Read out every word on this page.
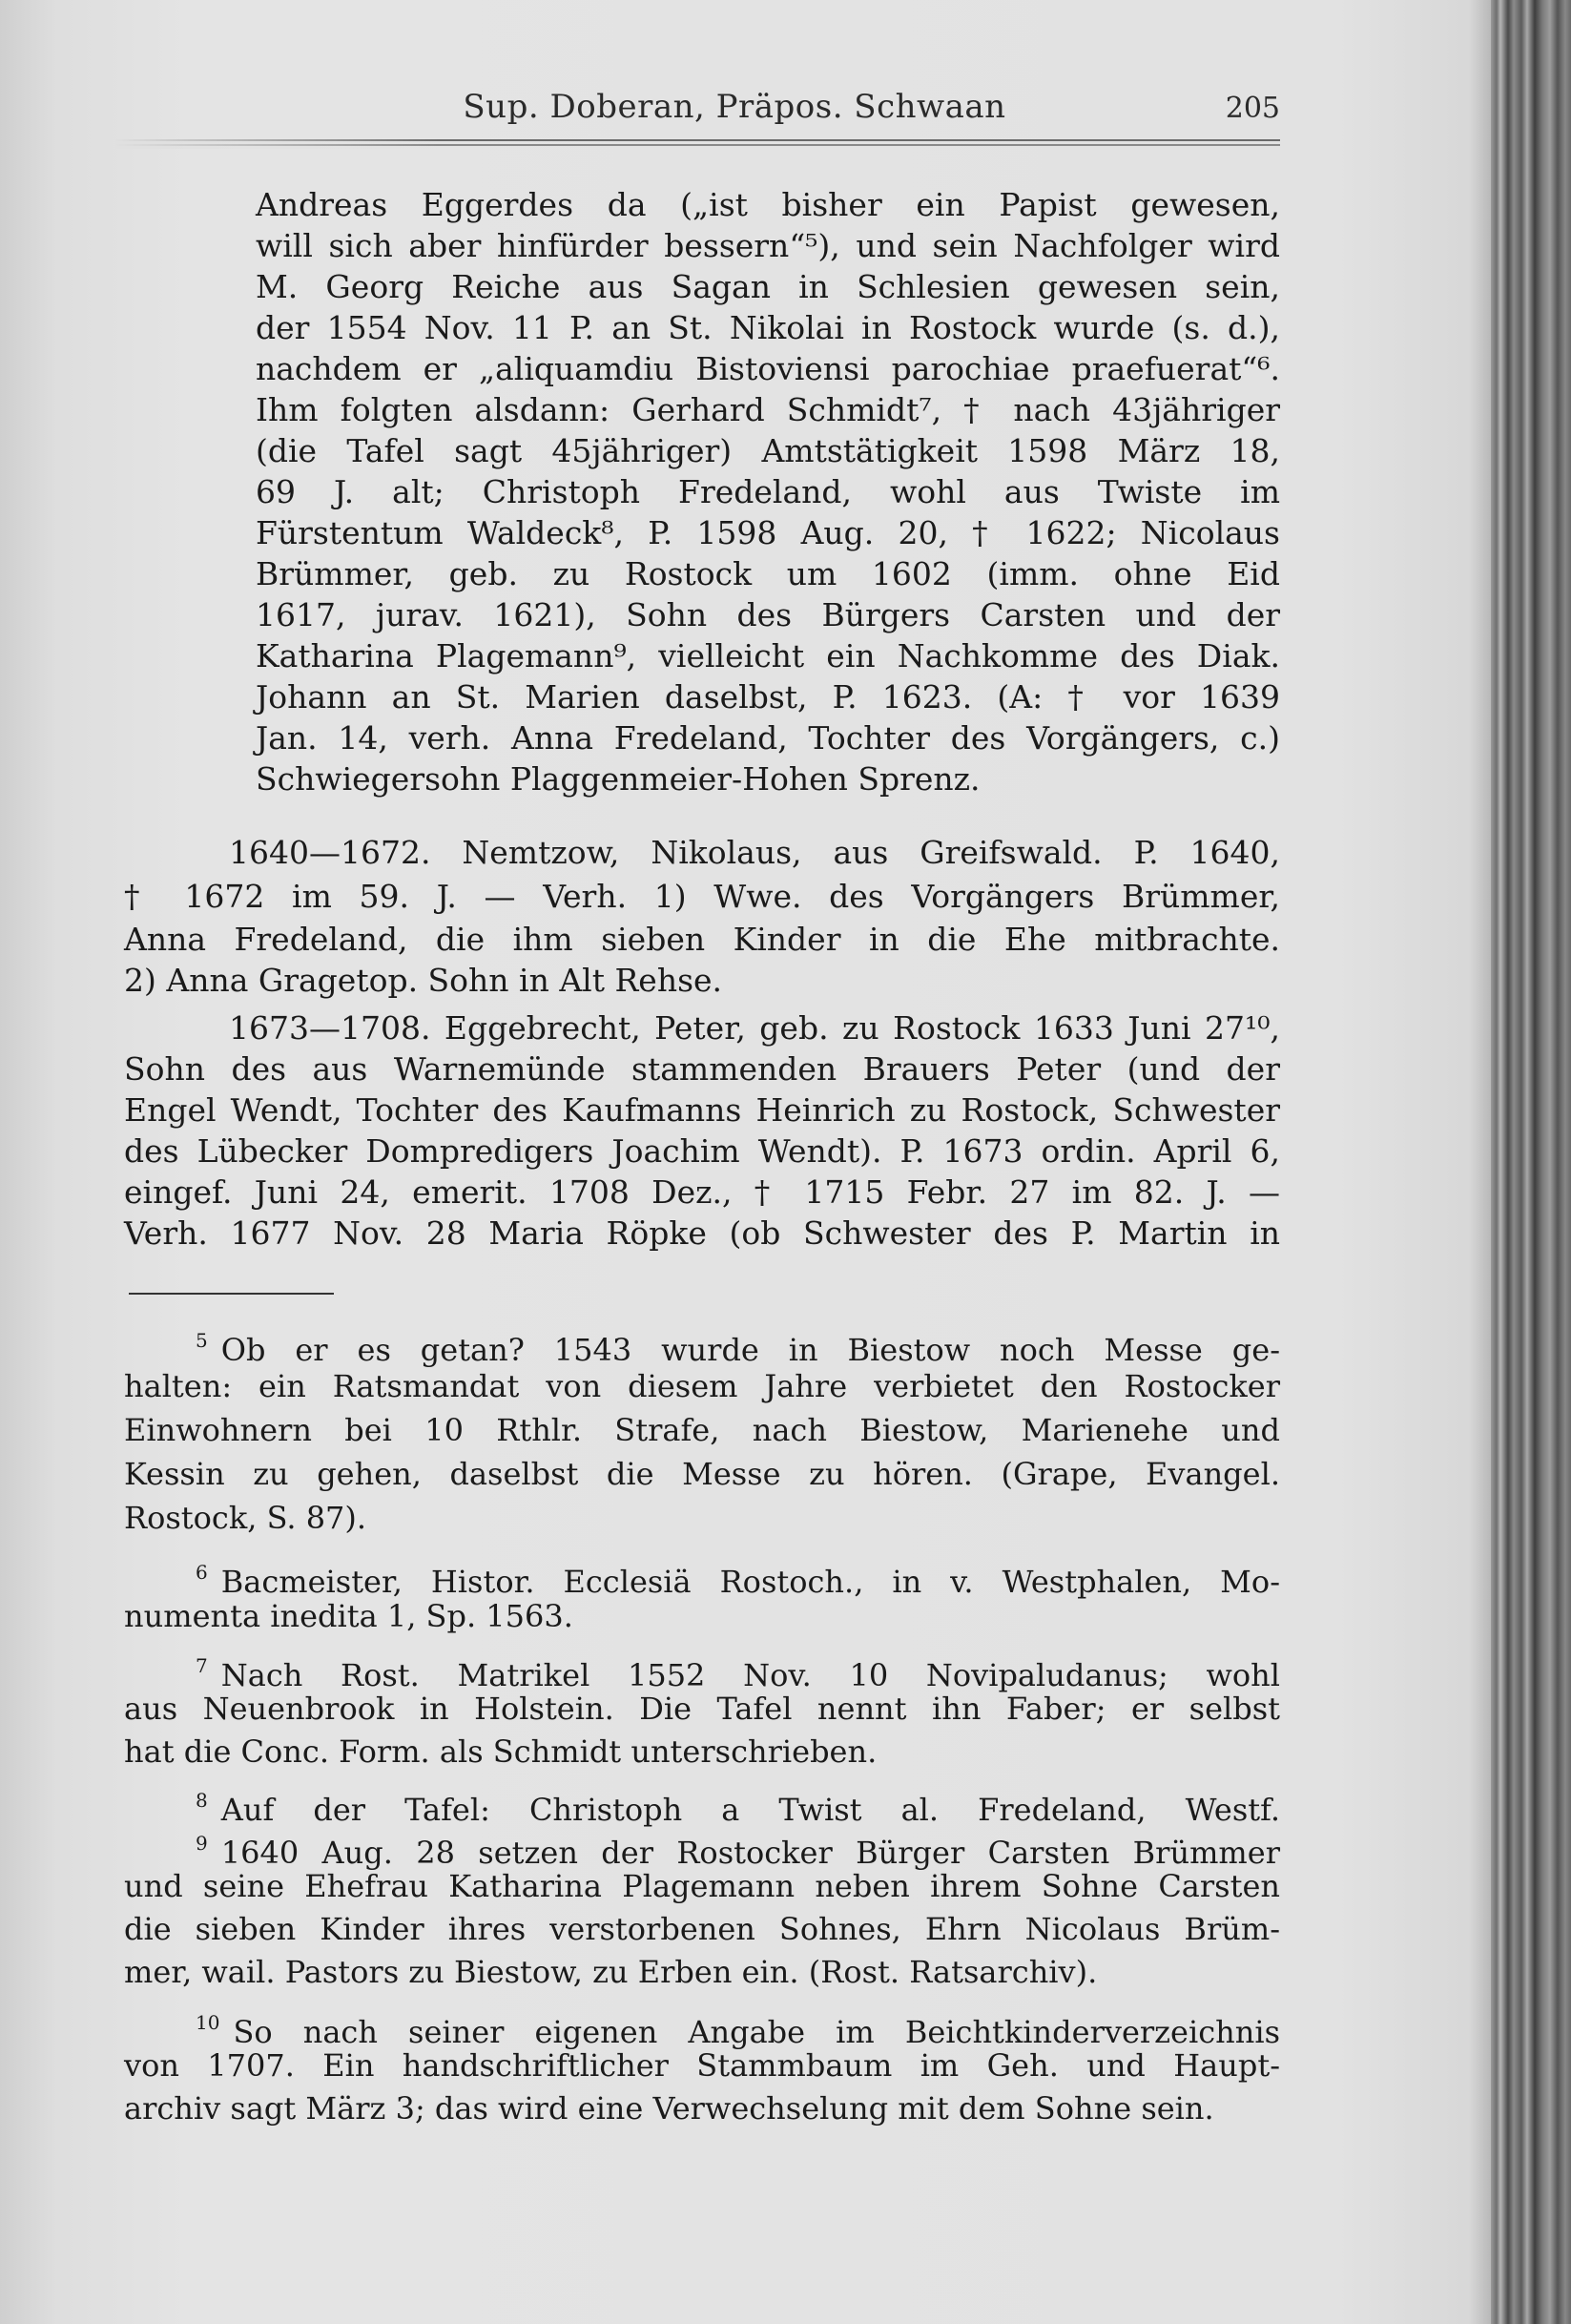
Sup. Doberan, Präpos. Schwaan	205
Andreas Eggerdes da („ist bisher ein Papist gewesen,
will sich aber hinfürder bessern“⁵), und sein Nachfolger wird
M. Georg Reiche aus Sagan in Schlesien gewesen sein,
der 1554 Nov. 11 P. an St. Nikolai in Rostock wurde (s. d.),
nachdem er „aliquamdiu Bistoviensi parochiae praefuerat“⁶.
Ihm folgten alsdann: Gerhard Schmidt⁷, † nach 43jähriger
(die Tafel sagt 45jähriger) Amtstätigkeit 1598 März 18,
69 J. alt; Christoph Fredeland, wohl aus Twiste im
Fürstentum Waldeck⁸, P. 1598 Aug. 20, † 1622; Nicolaus
Brümmer, geb. zu Rostock um 1602 (imm. ohne Eid
1617, jurav. 1621), Sohn des Bürgers Carsten und der
Katharina Plagemann⁹, vielleicht ein Nachkomme des Diak.
Johann an St. Marien daselbst, P. 1623. (A: † vor 1639
Jan. 14, verh. Anna Fredeland, Tochter des Vorgängers, c.)
Schwiegersohn Plaggenmeier-Hohen Sprenz.
1640—1672. Nemtzow, Nikolaus, aus Greifswald. P. 1640,
† 1672 im 59. J. — Verh. 1) Wwe. des Vorgängers Brümmer,
Anna Fredeland, die ihm sieben Kinder in die Ehe mitbrachte.
2) Anna Gragetop. Sohn in Alt Rehse.
1673—1708. Eggebrecht, Peter, geb. zu Rostock 1633 Juni 27¹⁰,
Sohn des aus Warnemünde stammenden Brauers Peter (und der
Engel Wendt, Tochter des Kaufmanns Heinrich zu Rostock, Schwester
des Lübecker Dompredigers Joachim Wendt). P. 1673 ordin. April 6,
eingef. Juni 24, emerit. 1708 Dez., † 1715 Febr. 27 im 82. J. —
Verh. 1677 Nov. 28 Maria Röpke (ob Schwester des P. Martin in
$^5$ Ob er es getan? 1543 wurde in Biestow noch Messe ge-
halten: ein Ratsmandat von diesem Jahre verbietet den Rostocker
Einwohnern bei 10 Rthlr. Strafe, nach Biestow, Marienehe und
Kessin zu gehen, daselbst die Messe zu hören. (Grape, Evangel.
Rostock, S. 87).
$^6$ Bacmeister, Histor. Ecclesiä Rostoch., in v. Westphalen, Mo-
numenta inedita 1, Sp. 1563.
$^7$ Nach Rost. Matrikel 1552 Nov. 10 Novipaludanus; wohl
aus Neuenbrook in Holstein. Die Tafel nennt ihn Faber; er selbst
hat die Conc. Form. als Schmidt unterschrieben.
$^8$ Auf der Tafel: Christoph a Twist al. Fredeland, Westf.
$^9$ 1640 Aug. 28 setzen der Rostocker Bürger Carsten Brümmer
und seine Ehefrau Katharina Plagemann neben ihrem Sohne Carsten
die sieben Kinder ihres verstorbenen Sohnes, Ehrn Nicolaus Brüm-
mer, wail. Pastors zu Biestow, zu Erben ein. (Rost. Ratsarchiv).
$^{10}$ So nach seiner eigenen Angabe im Beichtkinderverzeichnis
von 1707. Ein handschriftlicher Stammbaum im Geh. und Haupt-
archiv sagt März 3; das wird eine Verwechselung mit dem Sohne sein.
